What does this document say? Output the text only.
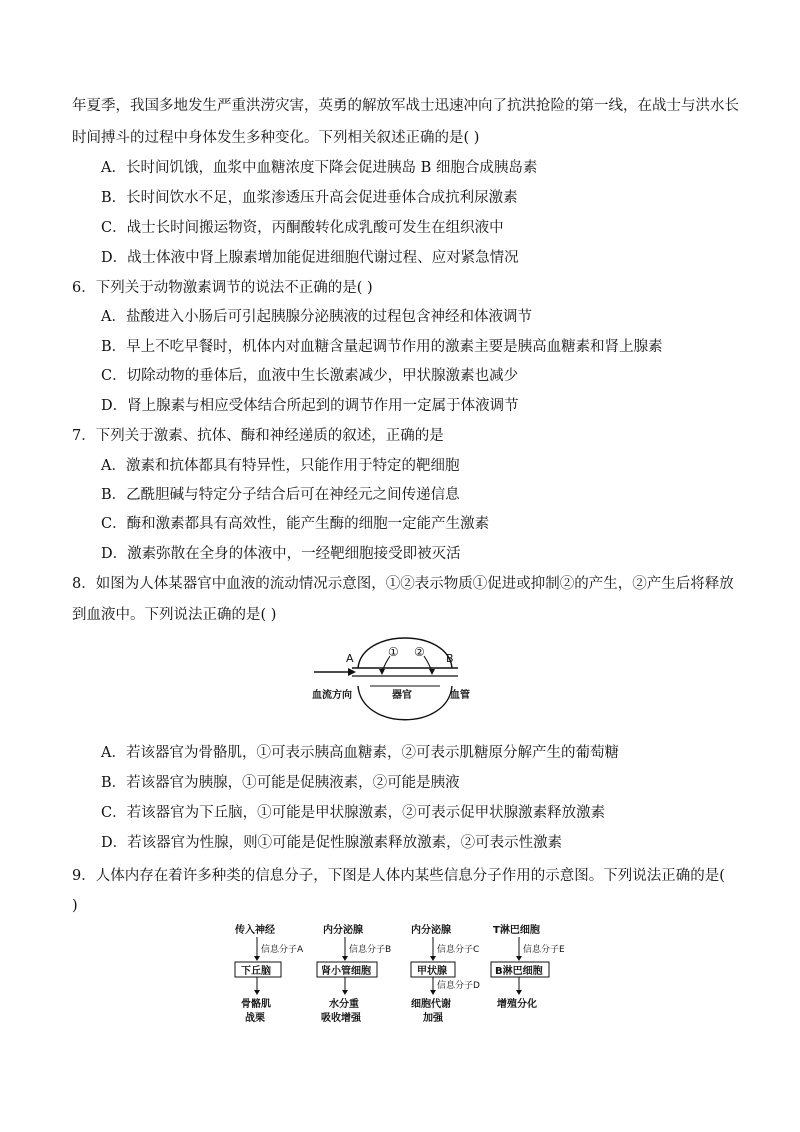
年夏季，我国多地发生严重洪涝灾害，英勇的解放军战士迅速冲向了抗洪抢险的第一线，在战士与洪水长
时间搏斗的过程中身体发生多种变化。下列相关叙述正确的是( )
A．长时间饥饿，血浆中血糖浓度下降会促进胰岛 B 细胞合成胰岛素
B．长时间饮水不足，血浆渗透压升高会促进垂体合成抗利尿激素
C．战士长时间搬运物资，丙酮酸转化成乳酸可发生在组织液中
D．战士体液中肾上腺素增加能促进细胞代谢过程、应对紧急情况
6．下列关于动物激素调节的说法不正确的是( )
A．盐酸进入小肠后可引起胰腺分泌胰液的过程包含神经和体液调节
B．早上不吃早餐时，机体内对血糖含量起调节作用的激素主要是胰高血糖素和肾上腺素
C．切除动物的垂体后，血液中生长激素减少，甲状腺激素也减少
D．肾上腺素与相应受体结合所起到的调节作用一定属于体液调节
7．下列关于激素、抗体、酶和神经递质的叙述，正确的是
A．激素和抗体都具有特异性，只能作用于特定的靶细胞
B．乙酰胆碱与特定分子结合后可在神经元之间传递信息
C．酶和激素都具有高效性，能产生酶的细胞一定能产生激素
D．激素弥散在全身的体液中，一经靶细胞接受即被灭活
8．如图为人体某器官中血液的流动情况示意图，①②表示物质①促进或抑制②的产生，②产生后将释放
到血液中。下列说法正确的是( )
A	B
① ②
血流方向	器官	血管
A．若该器官为骨骼肌，①可表示胰高血糖素，②可表示肌糖原分解产生的葡萄糖
B．若该器官为胰腺，①可能是促胰液素，②可能是胰液
C．若该器官为下丘脑，①可能是甲状腺激素，②可表示促甲状腺激素释放激素
D．若该器官为性腺，则①可能是促性腺激素释放激素，②可表示性激素
9．人体内存在着许多种类的信息分子，下图是人体内某些信息分子作用的示意图。下列说法正确的是(
)
传入神经
信息分子A
下丘脑
骨骼肌
战栗
内分泌腺
信息分子B
肾小管细胞
水分重
吸收增强
内分泌腺
信息分子C
甲状腺
信息分子D
细胞代谢
加强
T淋巴细胞
信息分子E
B淋巴细胞
增殖分化
